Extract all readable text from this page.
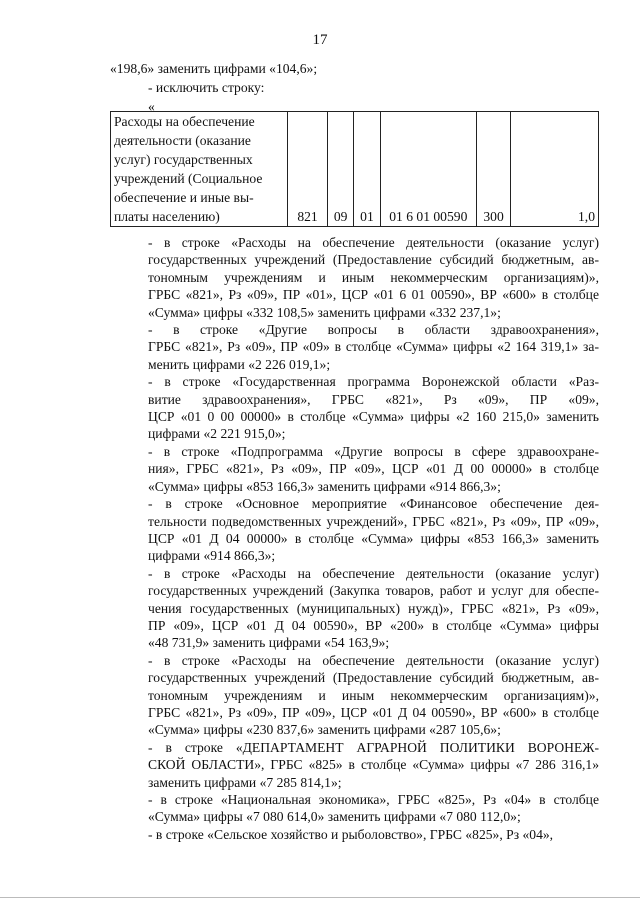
17
«198,6» заменить цифрами «104,6»;
- исключить строку:
«
Расходы на обеспечение
деятельности (оказание
услуг) государственных
учреждений (Социальное
обеспечение и иные вы-
платы населению)	821	09	01	01 6 01 00590	300	1,0
- в строке «Расходы на обеспечение деятельности (оказание услуг)
государственных учреждений (Предоставление субсидий бюджетным, ав-
тономным учреждениям и иным некоммерческим организациям)»,
ГРБС «821», Рз «09», ПР «01», ЦСР «01 6 01 00590», ВР «600» в столбце
«Сумма» цифры «332 108,5» заменить цифрами «332 237,1»;
- в строке «Другие вопросы в области здравоохранения»,
ГРБС «821», Рз «09», ПР «09» в столбце «Сумма» цифры «2 164 319,1» за-
менить цифрами «2 226 019,1»;
- в строке «Государственная программа Воронежской области «Раз-
витие здравоохранения», ГРБС «821», Рз «09», ПР «09»,
ЦСР «01 0 00 00000» в столбце «Сумма» цифры «2 160 215,0» заменить
цифрами «2 221 915,0»;
- в строке «Подпрограмма «Другие вопросы в сфере здравоохране-
ния», ГРБС «821», Рз «09», ПР «09», ЦСР «01 Д 00 00000» в столбце
«Сумма» цифры «853 166,3» заменить цифрами «914 866,3»;
- в строке «Основное мероприятие «Финансовое обеспечение дея-
тельности подведомственных учреждений», ГРБС «821», Рз «09», ПР «09»,
ЦСР «01 Д 04 00000» в столбце «Сумма» цифры «853 166,3» заменить
цифрами «914 866,3»;
- в строке «Расходы на обеспечение деятельности (оказание услуг)
государственных учреждений (Закупка товаров, работ и услуг для обеспе-
чения государственных (муниципальных) нужд)», ГРБС «821», Рз «09»,
ПР «09», ЦСР «01 Д 04 00590», ВР «200» в столбце «Сумма» цифры
«48 731,9» заменить цифрами «54 163,9»;
- в строке «Расходы на обеспечение деятельности (оказание услуг)
государственных учреждений (Предоставление субсидий бюджетным, ав-
тономным учреждениям и иным некоммерческим организациям)»,
ГРБС «821», Рз «09», ПР «09», ЦСР «01 Д 04 00590», ВР «600» в столбце
«Сумма» цифры «230 837,6» заменить цифрами «287 105,6»;
- в строке «ДЕПАРТАМЕНТ АГРАРНОЙ ПОЛИТИКИ ВОРОНЕЖ-
СКОЙ ОБЛАСТИ», ГРБС «825» в столбце «Сумма» цифры «7 286 316,1»
заменить цифрами «7 285 814,1»;
- в строке «Национальная экономика», ГРБС «825», Рз «04» в столбце
«Сумма» цифры «7 080 614,0» заменить цифрами «7 080 112,0»;
- в строке «Сельское хозяйство и рыболовство», ГРБС «825», Рз «04»,
